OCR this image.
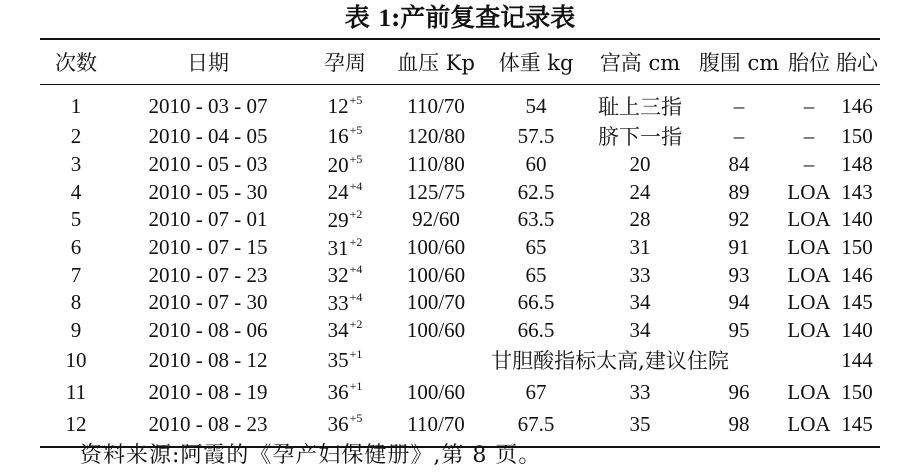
表 1:产前复查记录表
次数	日期	孕周	血压 Kp	体重 kg	宫高 cm	腹围 cm	胎位	胎心
1	2010 - 03 - 07	$12^{+5}$	110/70	54	耻上三指	–	–	146
2	2010 - 04 - 05	$16^{+5}$	120/80	57.5	脐下一指	–	–	150
3	2010 - 05 - 03	$20^{+5}$	110/80	60	20	84	–	148
4	2010 - 05 - 30	$24^{+4}$	125/75	62.5	24	89	LOA	143
5	2010 - 07 - 01	$29^{+2}$	92/60	63.5	28	92	LOA	140
6	2010 - 07 - 15	$31^{+2}$	100/60	65	31	91	LOA	150
7	2010 - 07 - 23	$32^{+4}$	100/60	65	33	93	LOA	146
8	2010 - 07 - 30	$33^{+4}$	100/70	66.5	34	94	LOA	145
9	2010 - 08 - 06	$34^{+2}$	100/60	66.5	34	95	LOA	140
10	2010 - 08 - 12	$35^{+1}$	甘胆酸指标太高,建议住院					144
11	2010 - 08 - 19	$36^{+1}$	100/60	67	33	96	LOA	150
12	2010 - 08 - 23	$36^{+5}$	110/70	67.5	35	98	LOA	145
资料来源:阿霞的《孕产妇保健册》,第 8 页。
